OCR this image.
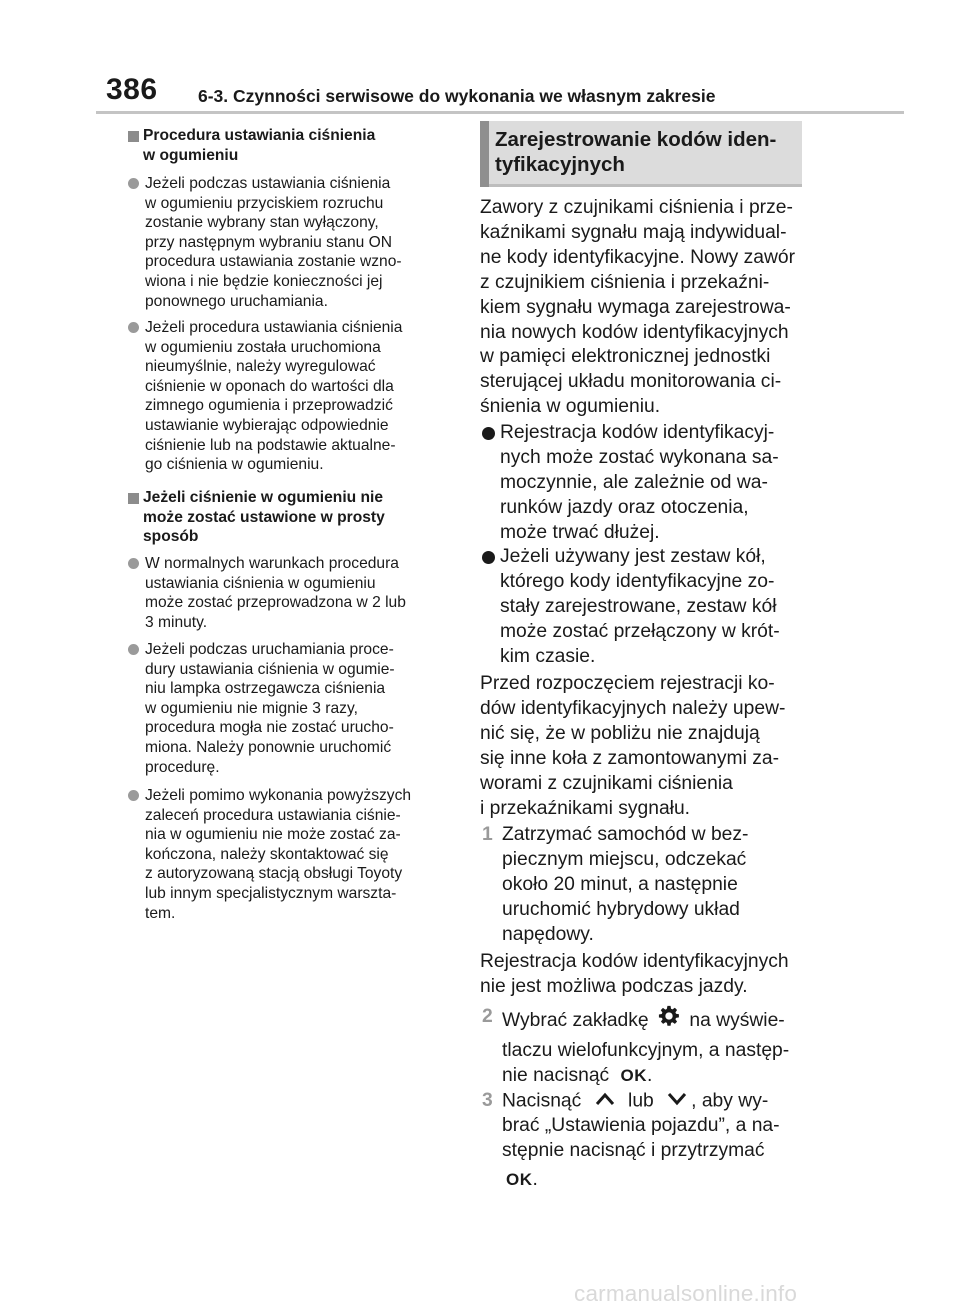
386 6-3. Czynności serwisowe do wykonania we własnym zakresie
Procedura ustawiania ciśnienia
w ogumieniu
Jeżeli podczas ustawiania ciśnienia
w ogumieniu przyciskiem rozruchu
zostanie wybrany stan wyłączony,
przy następnym wybraniu stanu ON
procedura ustawiania zostanie wzno-
wiona i nie będzie konieczności jej
ponownego uruchamiania.
Jeżeli procedura ustawiania ciśnienia
w ogumieniu została uruchomiona
nieumyślnie, należy wyregulować
ciśnienie w oponach do wartości dla
zimnego ogumienia i przeprowadzić
ustawianie wybierając odpowiednie
ciśnienie lub na podstawie aktualne-
go ciśnienia w ogumieniu.
Jeżeli ciśnienie w ogumieniu nie
może zostać ustawione w prosty
sposób
W normalnych warunkach procedura
ustawiania ciśnienia w ogumieniu
może zostać przeprowadzona w 2 lub
3 minuty.
Jeżeli podczas uruchamiania proce-
dury ustawiania ciśnienia w ogumie-
niu lampka ostrzegawcza ciśnienia
w ogumieniu nie mignie 3 razy,
procedura mogła nie zostać urucho-
miona. Należy ponownie uruchomić
procedurę.
Jeżeli pomimo wykonania powyższych
zaleceń procedura ustawiania ciśnie-
nia w ogumieniu nie może zostać za-
kończona, należy skontaktować się
z autoryzowaną stacją obsługi Toyoty
lub innym specjalistycznym warszta-
tem.
Zarejestrowanie kodów iden-
tyfikacyjnych
Zawory z czujnikami ciśnienia i prze-
kaźnikami sygnału mają indywidual-
ne kody identyfikacyjne. Nowy zawór
z czujnikiem ciśnienia i przekaźni-
kiem sygnału wymaga zarejestrowa-
nia nowych kodów identyfikacyjnych
w pamięci elektronicznej jednostki
sterującej układu monitorowania ci-
śnienia w ogumieniu.
Rejestracja kodów identyfikacyj-
nych może zostać wykonana sa-
moczynnie, ale zależnie od wa-
runków jazdy oraz otoczenia,
może trwać dłużej.
Jeżeli używany jest zestaw kół,
którego kody identyfikacyjne zo-
stały zarejestrowane, zestaw kół
może zostać przełączony w krót-
kim czasie.
Przed rozpoczęciem rejestracji ko-
dów identyfikacyjnych należy upew-
nić się, że w pobliżu nie znajdują
się inne koła z zamontowanymi za-
worami z czujnikami ciśnienia
i przekaźnikami sygnału.
1 Zatrzymać samochód w bez-
piecznym miejscu, odczekać
około 20 minut, a następnie
uruchomić hybrydowy układ
napędowy.
Rejestracja kodów identyfikacyjnych
nie jest możliwa podczas jazdy.
2 Wybrać zakładkę na wyświe-
tlaczu wielofunkcyjnym, a następ-
nie nacisnąć OK.
3 Nacisnąć lub , aby wy-
brać „Ustawienia pojazdu”, a na-
stępnie nacisnąć i przytrzymać
OK.
carmanualsonline.info
